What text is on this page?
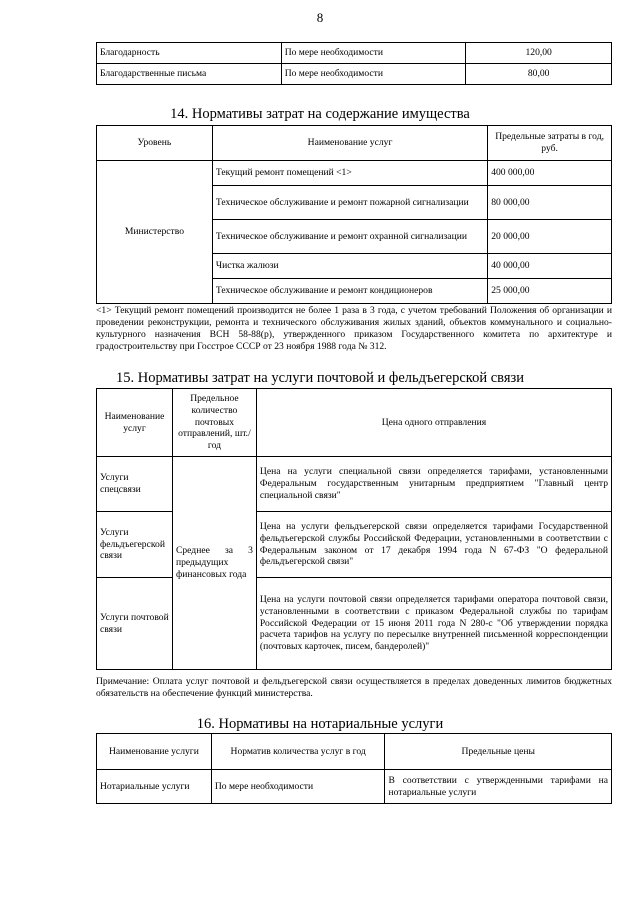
8
Благодарность	По мере необходимости	120,00
Благодарственные письма	По мере необходимости	80,00
14. Нормативы затрат на содержание имущества
Уровень	Наименование услуг	Предельные затраты в год, руб.
Министерство	Текущий ремонт помещений <1>	400 000,00
	Техническое обслуживание и ремонт пожарной сигнализации	80 000,00
	Техническое обслуживание и ремонт охранной сигнализации	20 000,00
	Чистка жалюзи	40 000,00
	Техническое обслуживание и ремонт кондиционеров	25 000,00
<1> Текущий ремонт помещений производится не более 1 раза в 3 года, с учетом требований Положения об организации и проведении реконструкции, ремонта и технического обслуживания жилых зданий, объектов коммунального и социально-культурного назначения ВСН 58-88(р), утвержденного приказом Государственного комитета по архитектуре и градостроительству при Госстрое СССР от 23 ноября 1988 года № 312.
15. Нормативы затрат на услуги почтовой и фельдъегерской связи
Наименование услуг	Предельное количество почтовых отправлений, шт./год	Цена одного отправления
Услуги спецсвязи	Среднее за 3 предыдущих финансовых года	Цена на услуги специальной связи определяется тарифами, установленными Федеральным государственным унитарным предприятием "Главный центр специальной связи"
Услуги фельдъегерской связи		Цена на услуги фельдъегерской связи определяется тарифами Государственной фельдъегерской службы Российской Федерации, установленными в соответствии с Федеральным законом от 17 декабря 1994 года N 67-ФЗ "О федеральной фельдъегерской связи"
Услуги почтовой связи		Цена на услуги почтовой связи определяется тарифами оператора почтовой связи, установленными в соответствии с приказом Федеральной службы по тарифам Российской Федерации от 15 июня 2011 года N 280-с "Об утверждении порядка расчета тарифов на услугу по пересылке внутренней письменной корреспонденции (почтовых карточек, писем, бандеролей)"
Примечание: Оплата услуг почтовой и фельдъегерской связи осуществляется в пределах доведенных лимитов бюджетных обязательств на обеспечение функций министерства.
16. Нормативы на нотариальные услуги
Наименование услуги	Норматив количества услуг в год	Предельные цены
Нотариальные услуги	По мере необходимости	В соответствии с утвержденными тарифами на нотариальные услуги
